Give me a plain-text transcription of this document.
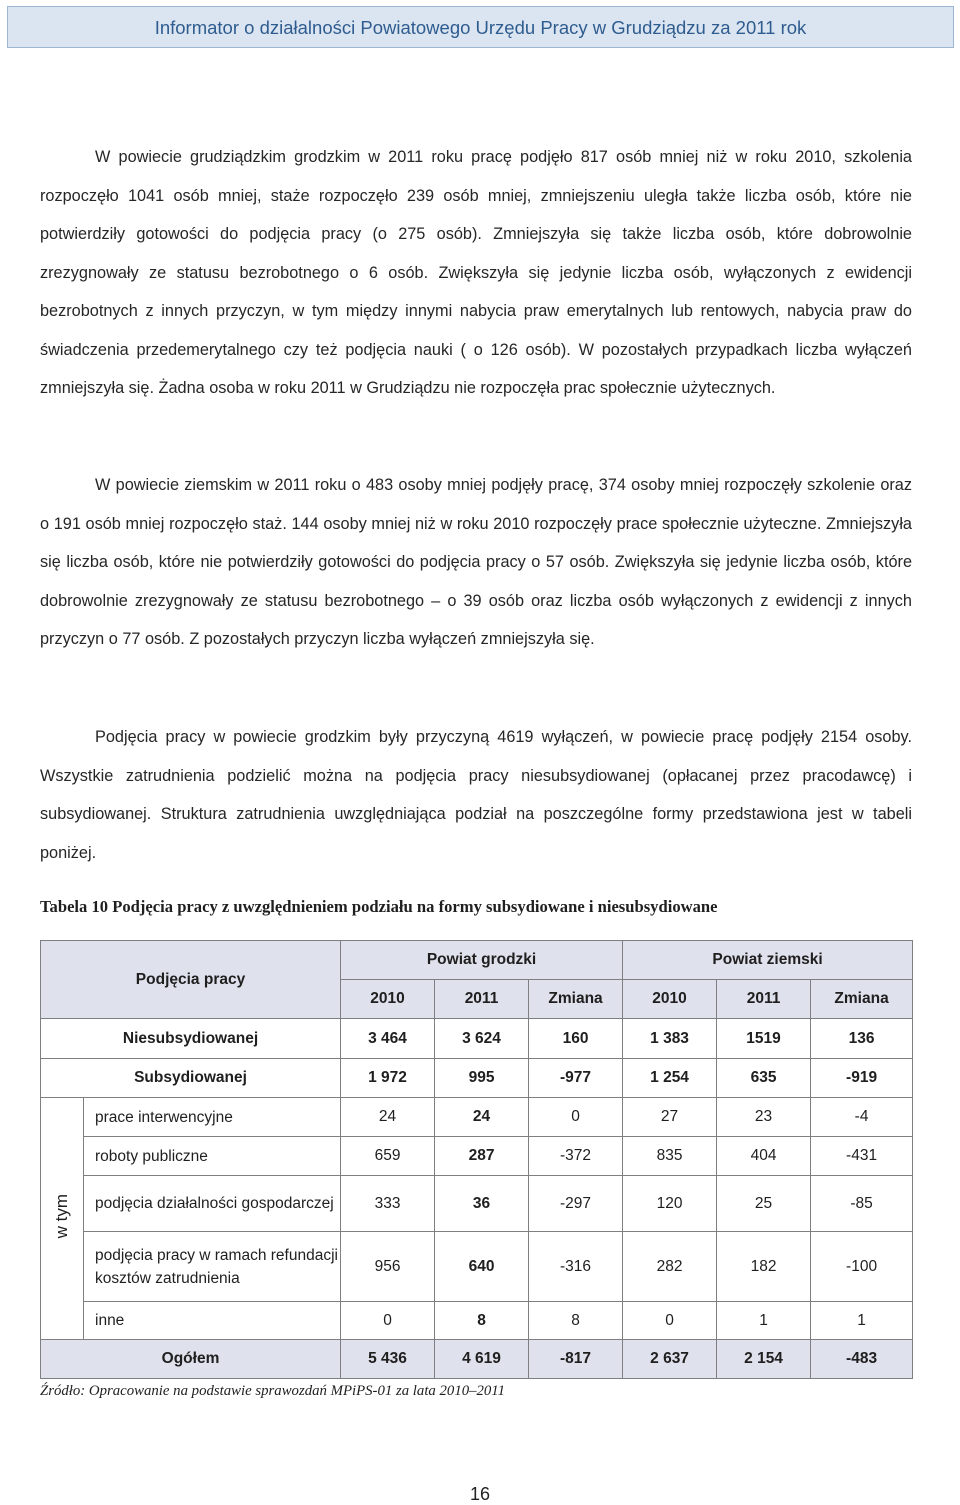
Informator o działalności Powiatowego Urzędu Pracy w Grudziądzu za 2011 rok

W powiecie grudziądzkim grodzkim w 2011 roku pracę podjęło 817 osób mniej niż w roku 2010, szkolenia rozpoczęło 1041 osób mniej, staże rozpoczęło 239 osób mniej, zmniejszeniu uległa także liczba osób, które nie potwierdziły gotowości do podjęcia pracy (o 275 osób). Zmniejszyła się także liczba osób, które dobrowolnie zrezygnowały ze statusu bezrobotnego o 6 osób. Zwiększyła się jedynie liczba osób, wyłączonych z ewidencji bezrobotnych z innych przyczyn, w tym między innymi nabycia praw emerytalnych lub rentowych, nabycia praw do świadczenia przedemerytalnego czy też podjęcia nauki ( o 126 osób). W pozostałych przypadkach liczba wyłączeń zmniejszyła się. Żadna osoba w roku 2011 w Grudziądzu nie rozpoczęła prac społecznie użytecznych.

W powiecie ziemskim w 2011 roku o 483 osoby mniej podjęły pracę, 374 osoby mniej rozpoczęły szkolenie oraz o 191 osób mniej rozpoczęło staż. 144 osoby mniej niż w roku 2010 rozpoczęły prace społecznie użyteczne. Zmniejszyła się liczba osób, które nie potwierdziły gotowości do podjęcia pracy o 57 osób. Zwiększyła się jedynie liczba osób, które dobrowolnie zrezygnowały ze statusu bezrobotnego – o 39 osób oraz liczba osób wyłączonych z ewidencji z innych przyczyn o 77 osób. Z pozostałych przyczyn liczba wyłączeń zmniejszyła się.

Podjęcia pracy w powiecie grodzkim były przyczyną 4619 wyłączeń, w powiecie pracę podjęły 2154 osoby. Wszystkie zatrudnienia podzielić można na podjęcia pracy niesubsydiowanej (opłacanej przez pracodawcę) i subsydiowanej. Struktura zatrudnienia uwzględniająca podział na poszczególne formy przedstawiona jest w tabeli poniżej.

Tabela 10 Podjęcia pracy z uwzględnieniem podziału na formy subsydiowane i niesubsydiowane
Podjęcia pracy		Powiat grodzki			Powiat ziemski		
		2010	2011	Zmiana	2010	2011	Zmiana
Niesubsydiowanej		3 464	3 624	160	1 383	1519	136
Subsydiowanej		1 972	995	-977	1 254	635	-919
w tym	prace interwencyjne	24	24	0	27	23	-4
	roboty publiczne	659	287	-372	835	404	-431
	podjęcia działalności gospodarczej	333	36	-297	120	25	-85
	podjęcia pracy w ramach refundacji kosztów zatrudnienia	956	640	-316	282	182	-100
	inne	0	8	8	0	1	1
Ogółem		5 436	4 619	-817	2 637	2 154	-483
Źródło: Opracowanie na podstawie sprawozdań MPiPS-01 za lata 2010–2011
16
